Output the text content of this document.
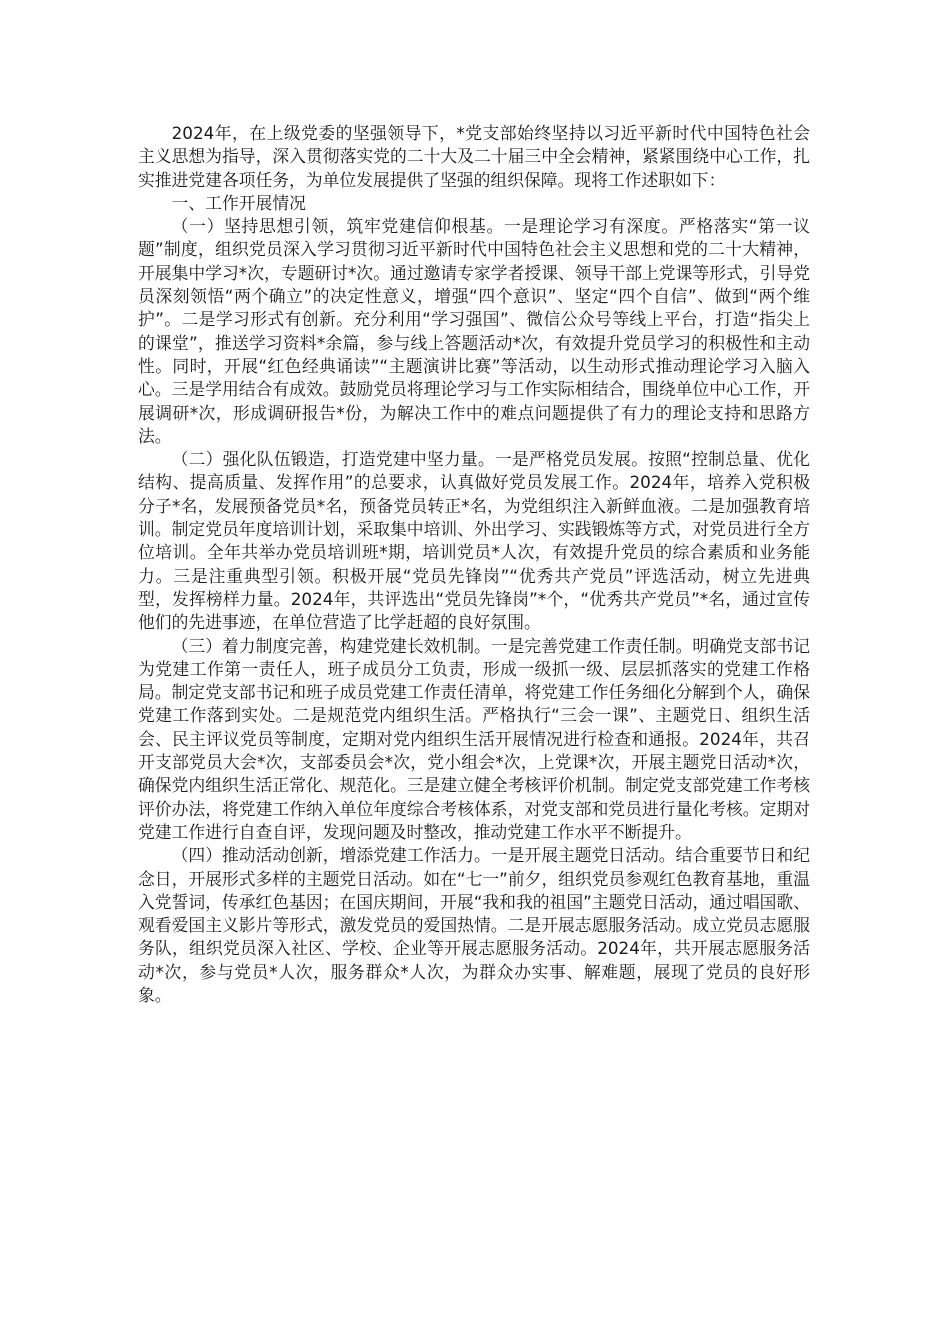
2024年，在上级党委的坚强领导下，*党支部始终坚持以习近平新时代中国特色社会主义思想为指导，深入贯彻落实党的二十大及二十届三中全会精神，紧紧围绕中心工作，扎实推进党建各项任务，为单位发展提供了坚强的组织保障。现将工作述职如下：

一、工作开展情况

（一）坚持思想引领，筑牢党建信仰根基。一是理论学习有深度。严格落实“第一议题”制度，组织党员深入学习贯彻习近平新时代中国特色社会主义思想和党的二十大精神，开展集中学习*次，专题研讨*次。通过邀请专家学者授课、领导干部上党课等形式，引导党员深刻领悟“两个确立”的决定性意义，增强“四个意识”、坚定“四个自信”、做到“两个维护”。二是学习形式有创新。充分利用“学习强国”、微信公众号等线上平台，打造“指尖上的课堂”，推送学习资料*余篇，参与线上答题活动*次，有效提升党员学习的积极性和主动性。同时，开展“红色经典诵读”“主题演讲比赛”等活动，以生动形式推动理论学习入脑入心。三是学用结合有成效。鼓励党员将理论学习与工作实际相结合，围绕单位中心工作，开展调研*次，形成调研报告*份，为解决工作中的难点问题提供了有力的理论支持和思路方法。

（二）强化队伍锻造，打造党建中坚力量。一是严格党员发展。按照“控制总量、优化结构、提高质量、发挥作用”的总要求，认真做好党员发展工作。2024年，培养入党积极分子*名，发展预备党员*名，预备党员转正*名，为党组织注入新鲜血液。二是加强教育培训。制定党员年度培训计划，采取集中培训、外出学习、实践锻炼等方式，对党员进行全方位培训。全年共举办党员培训班*期，培训党员*人次，有效提升党员的综合素质和业务能力。三是注重典型引领。积极开展“党员先锋岗”“优秀共产党员”评选活动，树立先进典型，发挥榜样力量。2024年，共评选出“党员先锋岗”*个，“优秀共产党员”*名，通过宣传他们的先进事迹，在单位营造了比学赶超的良好氛围。

（三）着力制度完善，构建党建长效机制。一是完善党建工作责任制。明确党支部书记为党建工作第一责任人，班子成员分工负责，形成一级抓一级、层层抓落实的党建工作格局。制定党支部书记和班子成员党建工作责任清单，将党建工作任务细化分解到个人，确保党建工作落到实处。二是规范党内组织生活。严格执行“三会一课”、主题党日、组织生活会、民主评议党员等制度，定期对党内组织生活开展情况进行检查和通报。2024年，共召开支部党员大会*次，支部委员会*次，党小组会*次，上党课*次，开展主题党日活动*次，确保党内组织生活正常化、规范化。三是建立健全考核评价机制。制定党支部党建工作考核评价办法，将党建工作纳入单位年度综合考核体系，对党支部和党员进行量化考核。定期对党建工作进行自查自评，发现问题及时整改，推动党建工作水平不断提升。

（四）推动活动创新，增添党建工作活力。一是开展主题党日活动。结合重要节日和纪念日，开展形式多样的主题党日活动。如在“七一”前夕，组织党员参观红色教育基地，重温入党誓词，传承红色基因；在国庆期间，开展“我和我的祖国”主题党日活动，通过唱国歌、观看爱国主义影片等形式，激发党员的爱国热情。二是开展志愿服务活动。成立党员志愿服务队，组织党员深入社区、学校、企业等开展志愿服务活动。2024年，共开展志愿服务活动*次，参与党员*人次，服务群众*人次，为群众办实事、解难题，展现了党员的良好形象。
